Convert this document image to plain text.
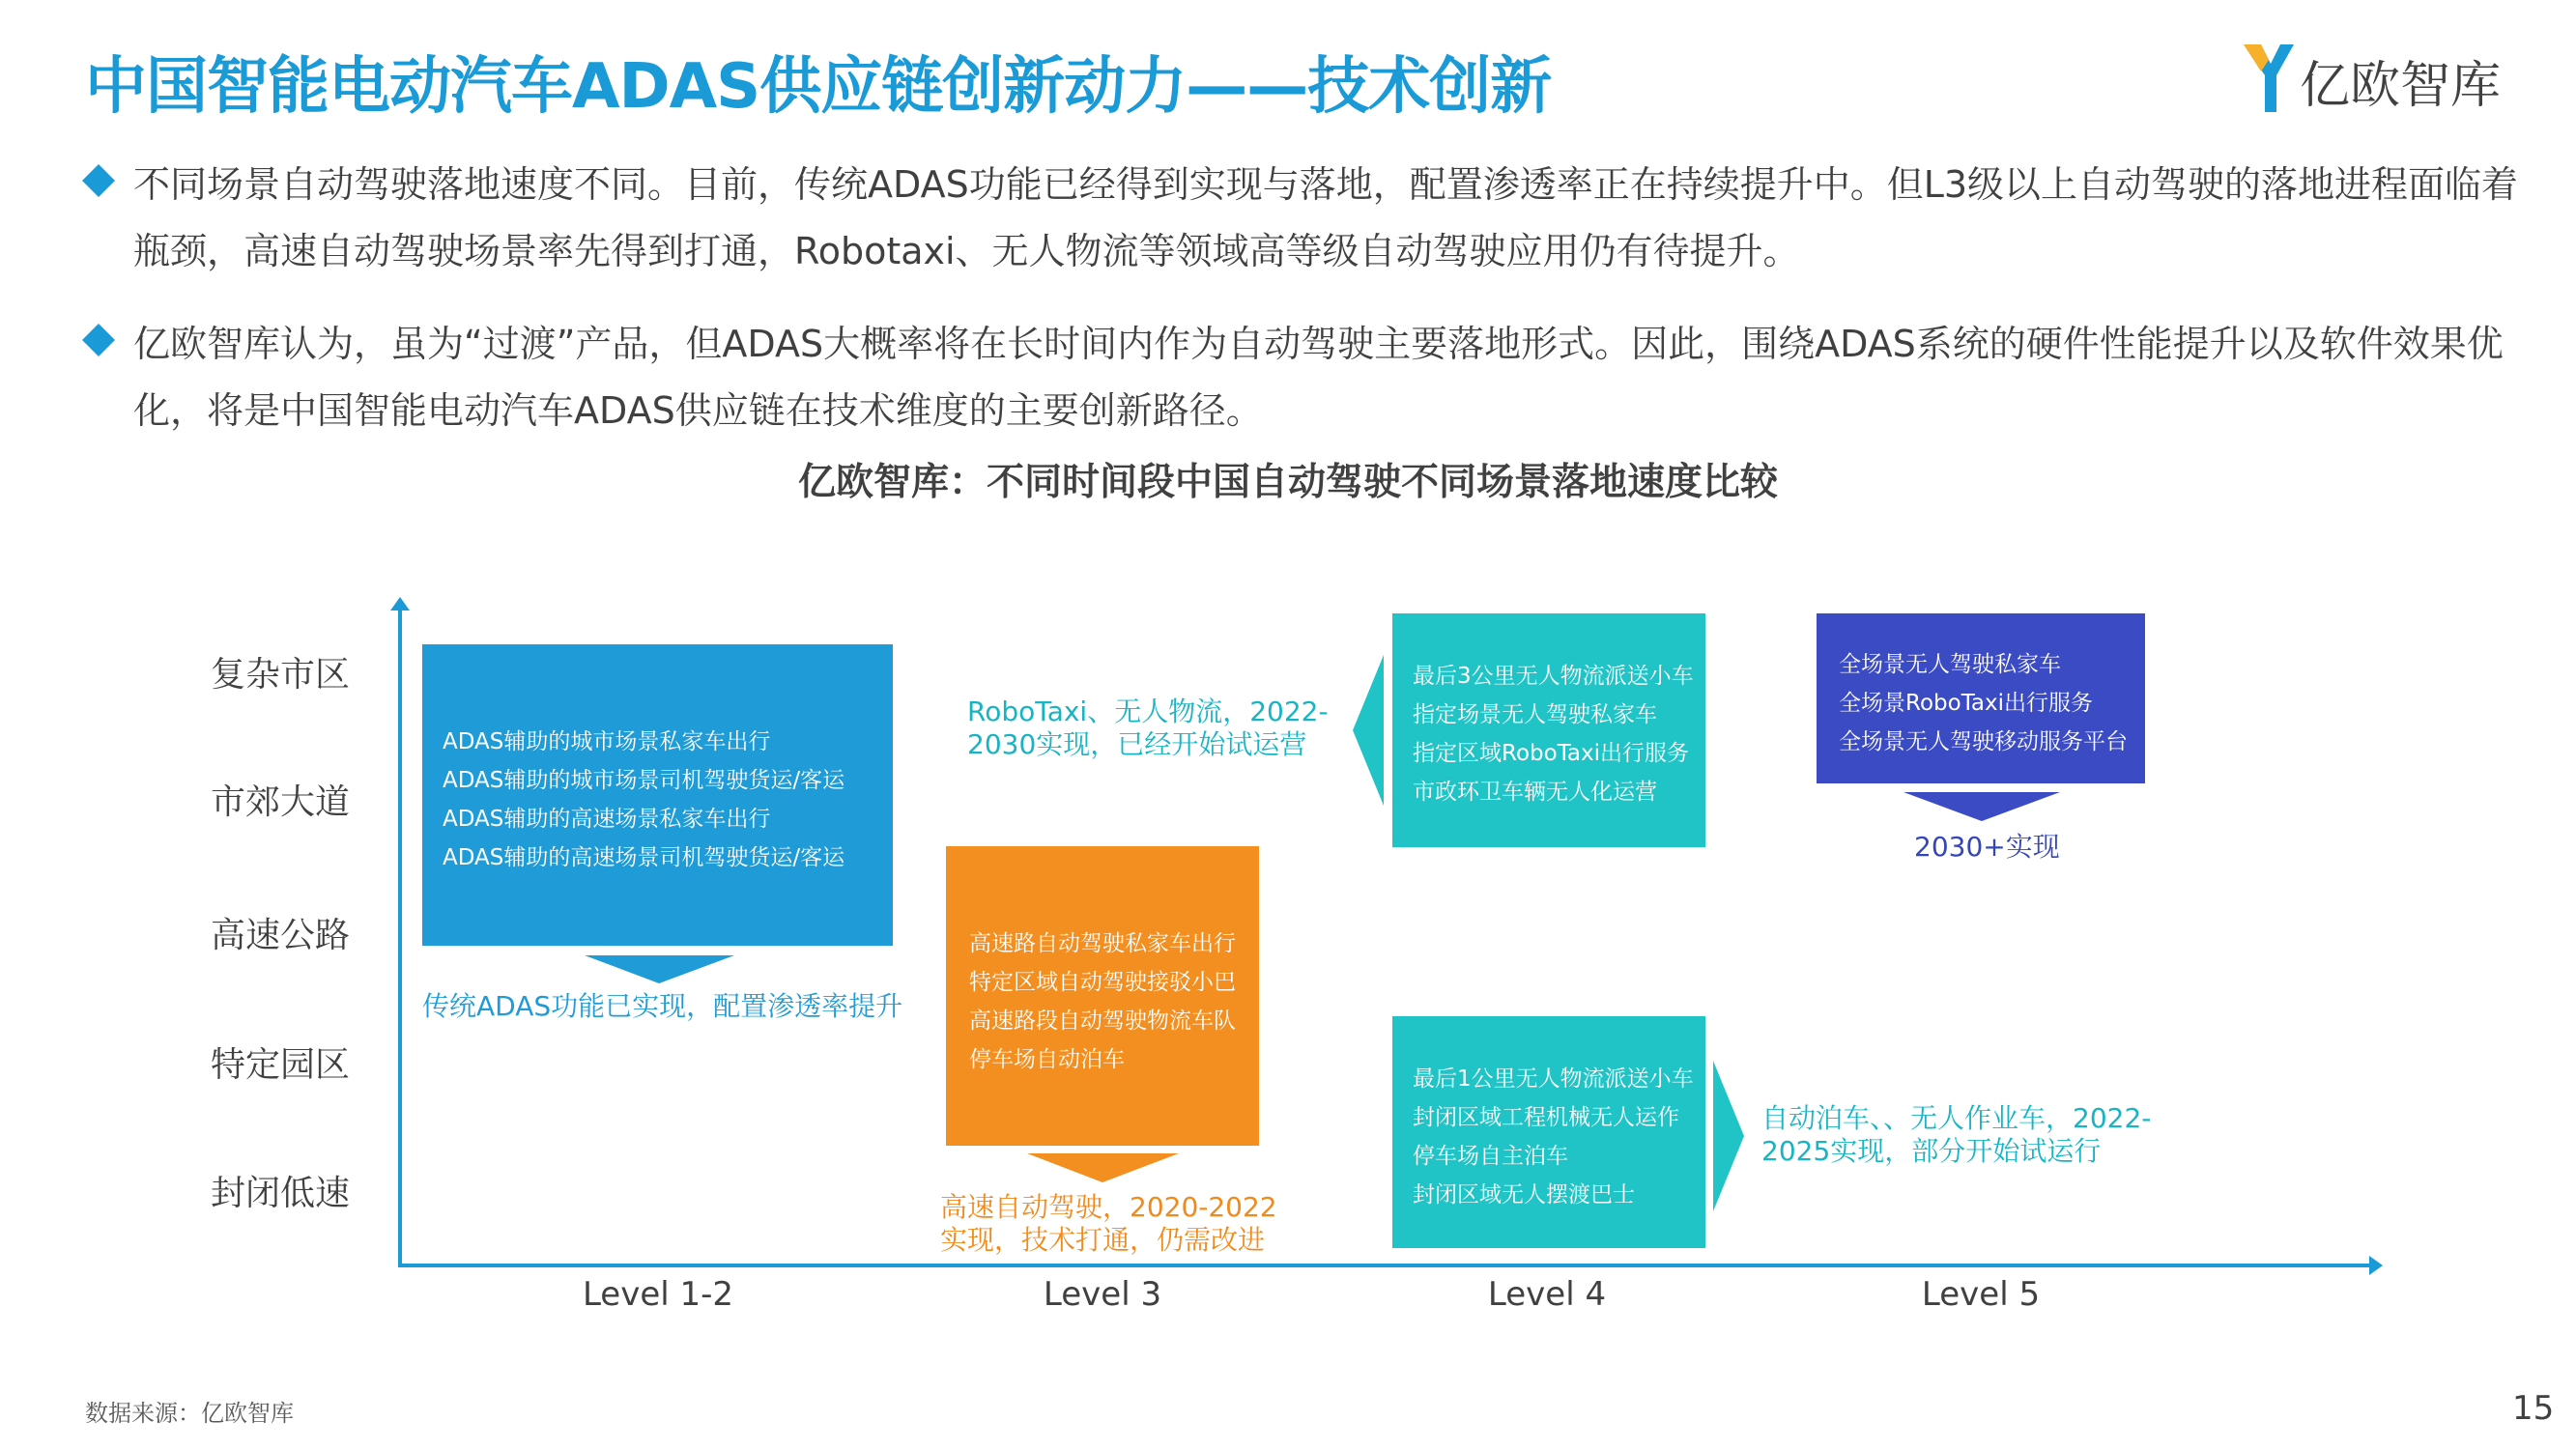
中国智能电动汽车ADAS供应链创新动力——技术创新	亿欧智库
不同场景自动驾驶落地速度不同。目前，传统ADAS功能已经得到实现与落地，配置渗透率正在持续提升中。但L3级以上自动驾驶的落地进程面临着瓶颈，高速自动驾驶场景率先得到打通，Robotaxi、无人物流等领域高等级自动驾驶应用仍有待提升。
亿欧智库认为，虽为“过渡”产品，但ADAS大概率将在长时间内作为自动驾驶主要落地形式。因此，围绕ADAS系统的硬件性能提升以及软件效果优化，将是中国智能电动汽车ADAS供应链在技术维度的主要创新路径。
亿欧智库：不同时间段中国自动驾驶不同场景落地速度比较
复杂市区
市郊大道
高速公路
特定园区
封闭低速
Level 1-2	Level 3	Level 4	Level 5
ADAS辅助的城市场景私家车出行
ADAS辅助的城市场景司机驾驶货运/客运
ADAS辅助的高速场景私家车出行
ADAS辅助的高速场景司机驾驶货运/客运
高速路自动驾驶私家车出行
特定区域自动驾驶接驳小巴
高速路段自动驾驶物流车队
停车场自动泊车
最后3公里无人物流派送小车
指定场景无人驾驶私家车
指定区域RoboTaxi出行服务
市政环卫车辆无人化运营
最后1公里无人物流派送小车
封闭区域工程机械无人运作
停车场自主泊车
封闭区域无人摆渡巴士
全场景无人驾驶私家车
全场景RoboTaxi出行服务
全场景无人驾驶移动服务平台
传统ADAS功能已实现，配置渗透率提升
高速自动驾驶，2020-2022
实现，技术打通，仍需改进
RoboTaxi、无人物流，2022-
2030实现，已经开始试运营
自动泊车、、无人作业车，2022-
2025实现，部分开始试运行
2030+实现
数据来源：亿欧智库	15
